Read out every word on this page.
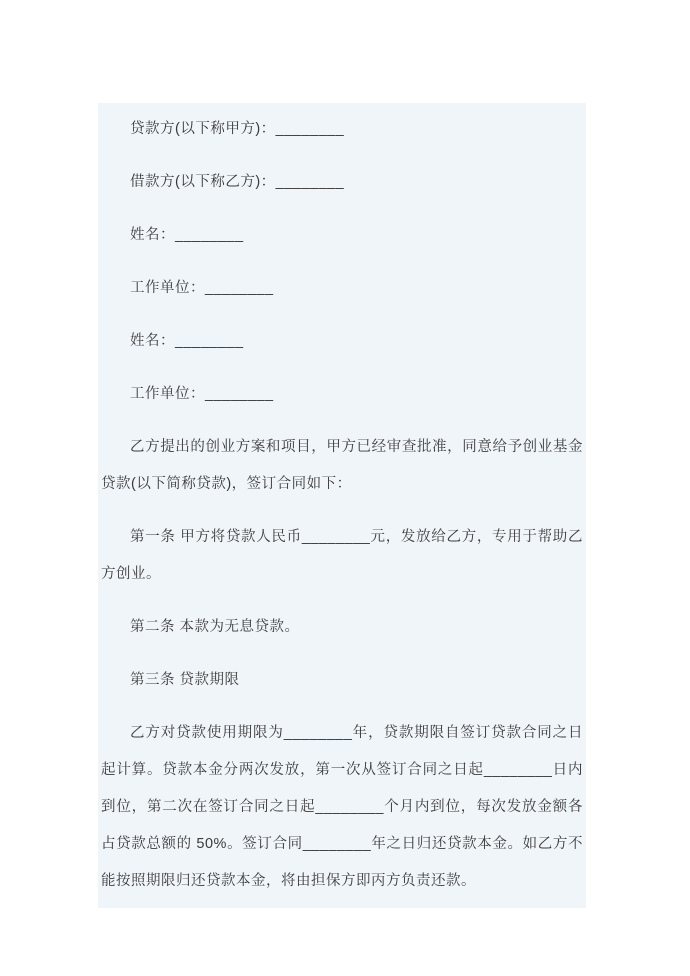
贷款方(以下称甲方)：________

借款方(以下称乙方)：________

姓名：________

工作单位：________

姓名：________

工作单位：________

乙方提出的创业方案和项目，甲方已经审查批准，同意给予创业基金贷款(以下简称贷款)，签订合同如下：

第一条 甲方将贷款人民币________元，发放给乙方，专用于帮助乙方创业。

第二条 本款为无息贷款。

第三条 贷款期限

乙方对贷款使用期限为________年，贷款期限自签订贷款合同之日起计算。贷款本金分两次发放，第一次从签订合同之日起________日内到位，第二次在签订合同之日起________个月内到位，每次发放金额各占贷款总额的 50%。签订合同________年之日归还贷款本金。如乙方不能按照期限归还贷款本金，将由担保方即丙方负责还款。
